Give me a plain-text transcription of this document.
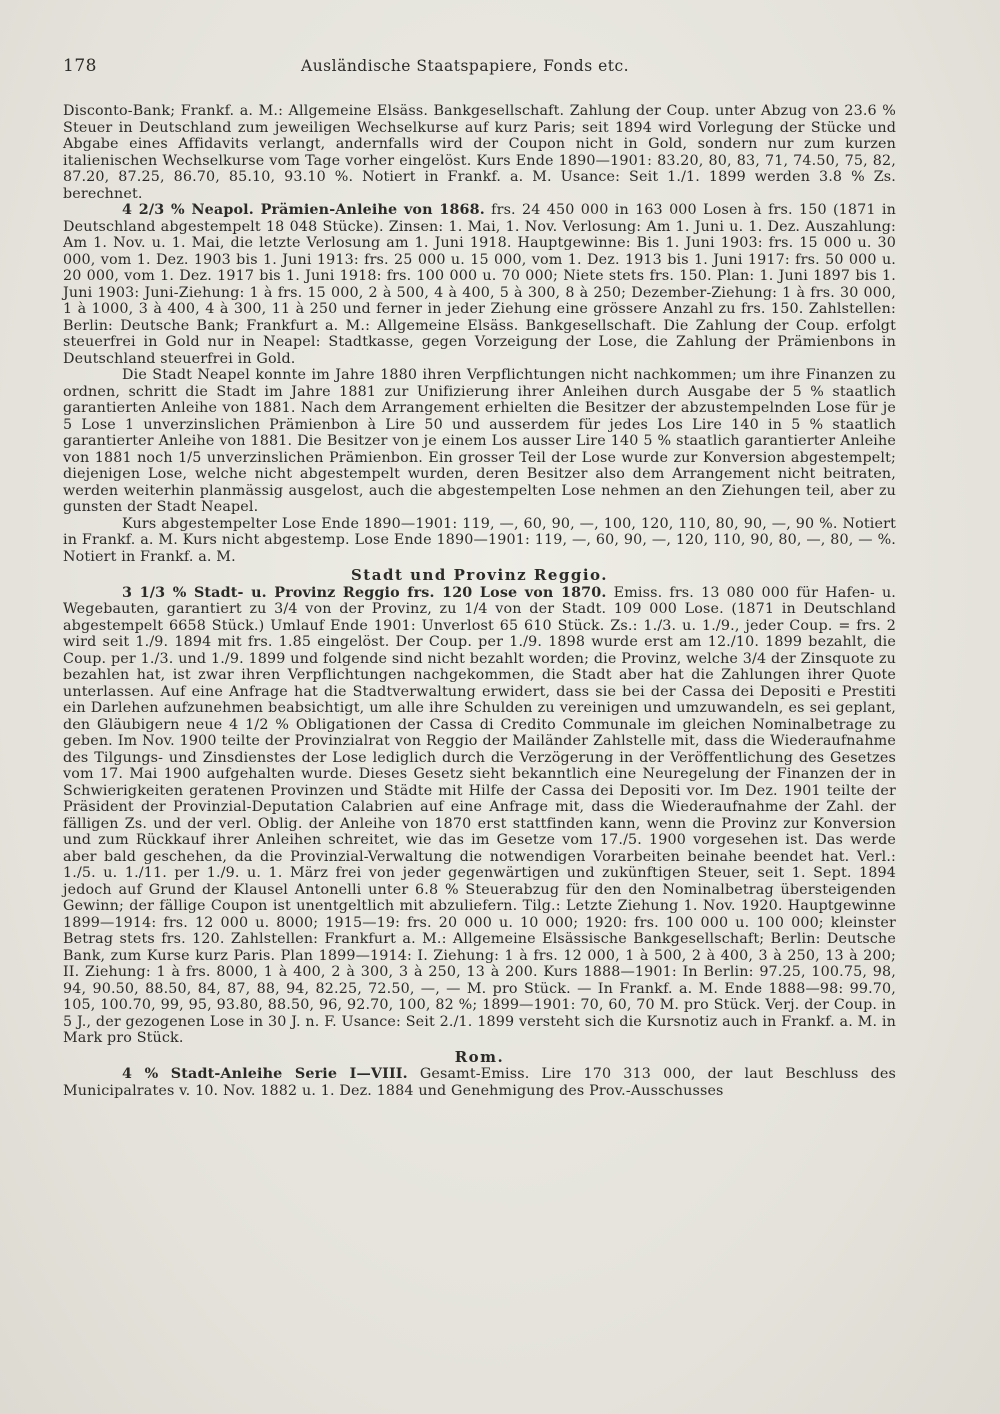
178	Ausländische Staatspapiere, Fonds etc.

Disconto-Bank; Frankf. a. M.: Allgemeine Elsäss. Bankgesellschaft. Zahlung der Coup. unter Abzug von 23.6 % Steuer in Deutschland zum jeweiligen Wechselkurse auf kurz Paris; seit 1894 wird Vorlegung der Stücke und Abgabe eines Affidavits verlangt, andernfalls wird der Coupon nicht in Gold, sondern nur zum kurzen italienischen Wechselkurse vom Tage vorher eingelöst. Kurs Ende 1890—1901: 83.20, 80, 83, 71, 74.50, 75, 82, 87.20, 87.25, 86.70, 85.10, 93.10 %. Notiert in Frankf. a. M. Usance: Seit 1./1. 1899 werden 3.8 % Zs. berechnet.

4 2/3 % Neapol. Prämien-Anleihe von 1868. frs. 24 450 000 in 163 000 Losen à frs. 150 (1871 in Deutschland abgestempelt 18 048 Stücke). Zinsen: 1. Mai, 1. Nov. Verlosung: Am 1. Juni u. 1. Dez. Auszahlung: Am 1. Nov. u. 1. Mai, die letzte Verlosung am 1. Juni 1918. Hauptgewinne: Bis 1. Juni 1903: frs. 15 000 u. 30 000, vom 1. Dez. 1903 bis 1. Juni 1913: frs. 25 000 u. 15 000, vom 1. Dez. 1913 bis 1. Juni 1917: frs. 50 000 u. 20 000, vom 1. Dez. 1917 bis 1. Juni 1918: frs. 100 000 u. 70 000; Niete stets frs. 150. Plan: 1. Juni 1897 bis 1. Juni 1903: Juni-Ziehung: 1 à frs. 15 000, 2 à 500, 4 à 400, 5 à 300, 8 à 250; Dezember-Ziehung: 1 à frs. 30 000, 1 à 1000, 3 à 400, 4 à 300, 11 à 250 und ferner in jeder Ziehung eine grössere Anzahl zu frs. 150. Zahlstellen: Berlin: Deutsche Bank; Frankfurt a. M.: Allgemeine Elsäss. Bankgesellschaft. Die Zahlung der Coup. erfolgt steuerfrei in Gold nur in Neapel: Stadtkasse, gegen Vorzeigung der Lose, die Zahlung der Prämienbons in Deutschland steuerfrei in Gold.

Die Stadt Neapel konnte im Jahre 1880 ihren Verpflichtungen nicht nachkommen; um ihre Finanzen zu ordnen, schritt die Stadt im Jahre 1881 zur Unifizierung ihrer Anleihen durch Ausgabe der 5 % staatlich garantierten Anleihe von 1881. Nach dem Arrangement erhielten die Besitzer der abzustempelnden Lose für je 5 Lose 1 unverzinslichen Prämienbon à Lire 50 und ausserdem für jedes Los Lire 140 in 5 % staatlich garantierter Anleihe von 1881. Die Besitzer von je einem Los ausser Lire 140 5 % staatlich garantierter Anleihe von 1881 noch 1/5 unverzinslichen Prämienbon. Ein grosser Teil der Lose wurde zur Konversion abgestempelt; diejenigen Lose, welche nicht abgestempelt wurden, deren Besitzer also dem Arrangement nicht beitraten, werden weiterhin planmässig ausgelost, auch die abgestempelten Lose nehmen an den Ziehungen teil, aber zu gunsten der Stadt Neapel.

Kurs abgestempelter Lose Ende 1890—1901: 119, —, 60, 90, —, 100, 120, 110, 80, 90, —, 90 %. Notiert in Frankf. a. M. Kurs nicht abgestemp. Lose Ende 1890—1901: 119, —, 60, 90, —, 120, 110, 90, 80, —, 80, — %. Notiert in Frankf. a. M.

Stadt und Provinz Reggio.

3 1/3 % Stadt- u. Provinz Reggio frs. 120 Lose von 1870. Emiss. frs. 13 080 000 für Hafen- u. Wegebauten, garantiert zu 3/4 von der Provinz, zu 1/4 von der Stadt. 109 000 Lose. (1871 in Deutschland abgestempelt 6658 Stück.) Umlauf Ende 1901: Unverlost 65 610 Stück. Zs.: 1./3. u. 1./9., jeder Coup. = frs. 2 wird seit 1./9. 1894 mit frs. 1.85 eingelöst. Der Coup. per 1./9. 1898 wurde erst am 12./10. 1899 bezahlt, die Coup. per 1./3. und 1./9. 1899 und folgende sind nicht bezahlt worden; die Provinz, welche 3/4 der Zinsquote zu bezahlen hat, ist zwar ihren Verpflichtungen nachgekommen, die Stadt aber hat die Zahlungen ihrer Quote unterlassen. Auf eine Anfrage hat die Stadtverwaltung erwidert, dass sie bei der Cassa dei Depositi e Prestiti ein Darlehen aufzunehmen beabsichtigt, um alle ihre Schulden zu vereinigen und umzuwandeln, es sei geplant, den Gläubigern neue 4 1/2 % Obligationen der Cassa di Credito Communale im gleichen Nominalbetrage zu geben. Im Nov. 1900 teilte der Provinzialrat von Reggio der Mailänder Zahlstelle mit, dass die Wiederaufnahme des Tilgungs- und Zinsdienstes der Lose lediglich durch die Verzögerung in der Veröffentlichung des Gesetzes vom 17. Mai 1900 aufgehalten wurde. Dieses Gesetz sieht bekanntlich eine Neuregelung der Finanzen der in Schwierigkeiten geratenen Provinzen und Städte mit Hilfe der Cassa dei Depositi vor. Im Dez. 1901 teilte der Präsident der Provinzial-Deputation Calabrien auf eine Anfrage mit, dass die Wiederaufnahme der Zahl. der fälligen Zs. und der verl. Oblig. der Anleihe von 1870 erst stattfinden kann, wenn die Provinz zur Konversion und zum Rückkauf ihrer Anleihen schreitet, wie das im Gesetze vom 17./5. 1900 vorgesehen ist. Das werde aber bald geschehen, da die Provinzial-Verwaltung die notwendigen Vorarbeiten beinahe beendet hat. Verl.: 1./5. u. 1./11. per 1./9. u. 1. März frei von jeder gegenwärtigen und zukünftigen Steuer, seit 1. Sept. 1894 jedoch auf Grund der Klausel Antonelli unter 6.8 % Steuerabzug für den den Nominalbetrag übersteigenden Gewinn; der fällige Coupon ist unentgeltlich mit abzuliefern. Tilg.: Letzte Ziehung 1. Nov. 1920. Hauptgewinne 1899—1914: frs. 12 000 u. 8000; 1915—19: frs. 20 000 u. 10 000; 1920: frs. 100 000 u. 100 000; kleinster Betrag stets frs. 120. Zahlstellen: Frankfurt a. M.: Allgemeine Elsässische Bankgesellschaft; Berlin: Deutsche Bank, zum Kurse kurz Paris. Plan 1899—1914: I. Ziehung: 1 à frs. 12 000, 1 à 500, 2 à 400, 3 à 250, 13 à 200; II. Ziehung: 1 à frs. 8000, 1 à 400, 2 à 300, 3 à 250, 13 à 200. Kurs 1888—1901: In Berlin: 97.25, 100.75, 98, 94, 90.50, 88.50, 84, 87, 88, 94, 82.25, 72.50, —, — M. pro Stück. — In Frankf. a. M. Ende 1888—98: 99.70, 105, 100.70, 99, 95, 93.80, 88.50, 96, 92.70, 100, 82 %; 1899—1901: 70, 60, 70 M. pro Stück. Verj. der Coup. in 5 J., der gezogenen Lose in 30 J. n. F. Usance: Seit 2./1. 1899 versteht sich die Kursnotiz auch in Frankf. a. M. in Mark pro Stück.

Rom.

4 % Stadt-Anleihe Serie I—VIII. Gesamt-Emiss. Lire 170 313 000, der laut Beschluss des Municipalrates v. 10. Nov. 1882 u. 1. Dez. 1884 und Genehmigung des Prov.-Ausschusses
